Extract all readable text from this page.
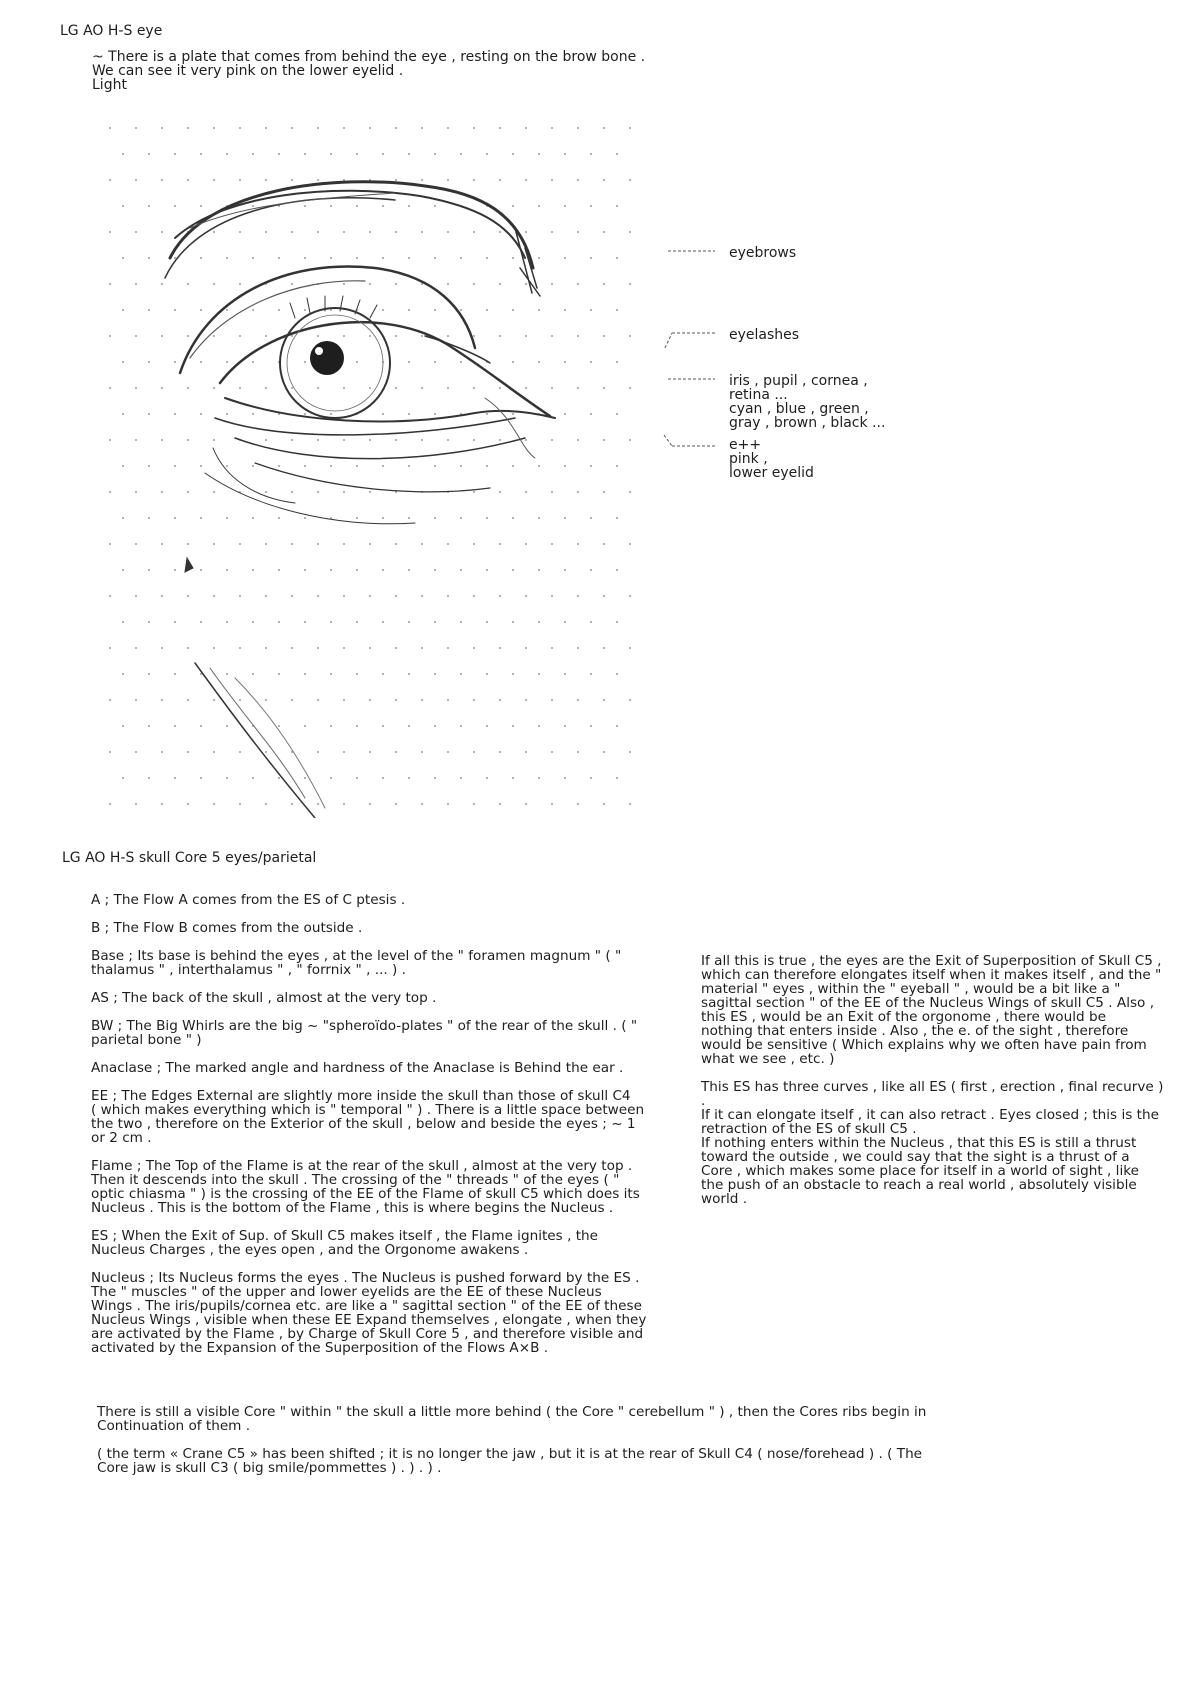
LG AO H-S eye
~ There is a plate that comes from behind the eye , resting on the brow bone .
We can see it very pink on the lower eyelid .
Light
eyebrows
eyelashes
iris , pupil , cornea ,
retina ...
cyan , blue , green ,
gray , brown , black ...
e++
pink ,
lower eyelid
LG AO H-S skull Core 5 eyes/parietal

A ; The Flow A comes from the ES of C ptesis .

B ; The Flow B comes from the outside .

Base ; Its base is behind the eyes , at the level of the " foramen magnum " ( "
thalamus " , interthalamus " , " forrnix " , ... ) .

AS ; The back of the skull , almost at the very top .

BW ; The Big Whirls are the big ~ "spheroïdo-plates " of the rear of the skull . ( "
parietal bone " )

Anaclase ; The marked angle and hardness of the Anaclase is Behind the ear .

EE ; The Edges External are slightly more inside the skull than those of skull C4
( which makes everything which is " temporal " ) . There is a little space between
the two , therefore on the Exterior of the skull , below and beside the eyes ; ~ 1
or 2 cm .

Flame ; The Top of the Flame is at the rear of the skull , almost at the very top .
Then it descends into the skull . The crossing of the " threads " of the eyes ( "
optic chiasma " ) is the crossing of the EE of the Flame of skull C5 which does its
Nucleus . This is the bottom of the Flame , this is where begins the Nucleus .

ES ; When the Exit of Sup. of Skull C5 makes itself , the Flame ignites , the
Nucleus Charges , the eyes open , and the Orgonome awakens .

Nucleus ; Its Nucleus forms the eyes . The Nucleus is pushed forward by the ES .
The " muscles " of the upper and lower eyelids are the EE of these Nucleus
Wings . The iris/pupils/cornea etc. are like a " sagittal section " of the EE of these
Nucleus Wings , visible when these EE Expand themselves , elongate , when they
are activated by the Flame , by Charge of Skull Core 5 , and therefore visible and
activated by the Expansion of the Superposition of the Flows A×B .

If all this is true , the eyes are the Exit of Superposition of Skull C5 ,
which can therefore elongates itself when it makes itself , and the "
material " eyes , within the " eyeball " , would be a bit like a "
sagittal section " of the EE of the Nucleus Wings of skull C5 . Also ,
this ES , would be an Exit of the orgonome , there would be
nothing that enters inside . Also , the e. of the sight , therefore
would be sensitive ( Which explains why we often have pain from
what we see , etc. )

This ES has three curves , like all ES ( first , erection , final recurve ) .
If it can elongate itself , it can also retract . Eyes closed ; this is the
retraction of the ES of skull C5 .
If nothing enters within the Nucleus , that this ES is still a thrust
toward the outside , we could say that the sight is a thrust of a
Core , which makes some place for itself in a world of sight , like
the push of an obstacle to reach a real world , absolutely visible
world .

There is still a visible Core " within " the skull a little more behind ( the Core " cerebellum " ) , then the Cores ribs begin in
Continuation of them .

( the term « Crane C5 » has been shifted ; it is no longer the jaw , but it is at the rear of Skull C4 ( nose/forehead ) . ( The
Core jaw is skull C3 ( big smile/pommettes ) . ) . ) .
